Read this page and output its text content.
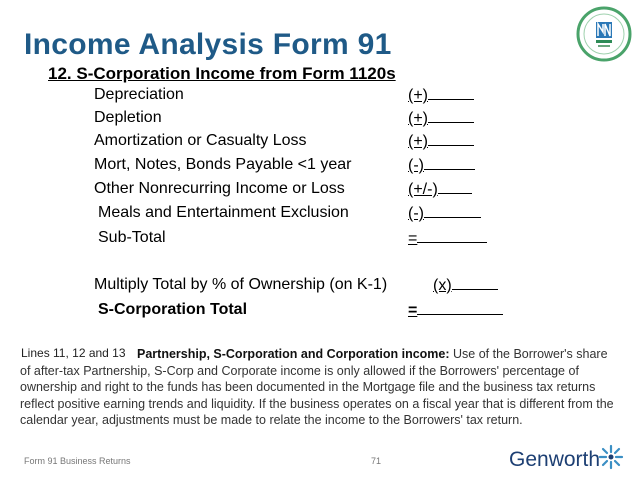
Income Analysis Form 91
12. S-Corporation Income from Form 1120s
Depreciation	(+)
Depletion	(+)
Amortization or Casualty Loss	(+)
Mort, Notes, Bonds Payable <1 year	(-)
Other Nonrecurring Income or Loss	(+/-)
Meals and Entertainment Exclusion	(-)
Sub-Total	=
Multiply Total by % of Ownership (on K-1)	(x)
S-Corporation Total	=
Partnership, S-Corporation and Corporation income: Use of the Borrower's share of after-tax Partnership, S-Corp and Corporate income is only allowed if the Borrowers' percentage of ownership and right to the funds has been documented in the Mortgage file and the business tax returns reflect positive earning trends and liquidity. If the business operates on a fiscal year that is different from the calendar year, adjustments must be made to relate the income to the Borrowers' tax return.
Lines 11, 12 and 13
Form 91 Business Returns	71	Genworth
